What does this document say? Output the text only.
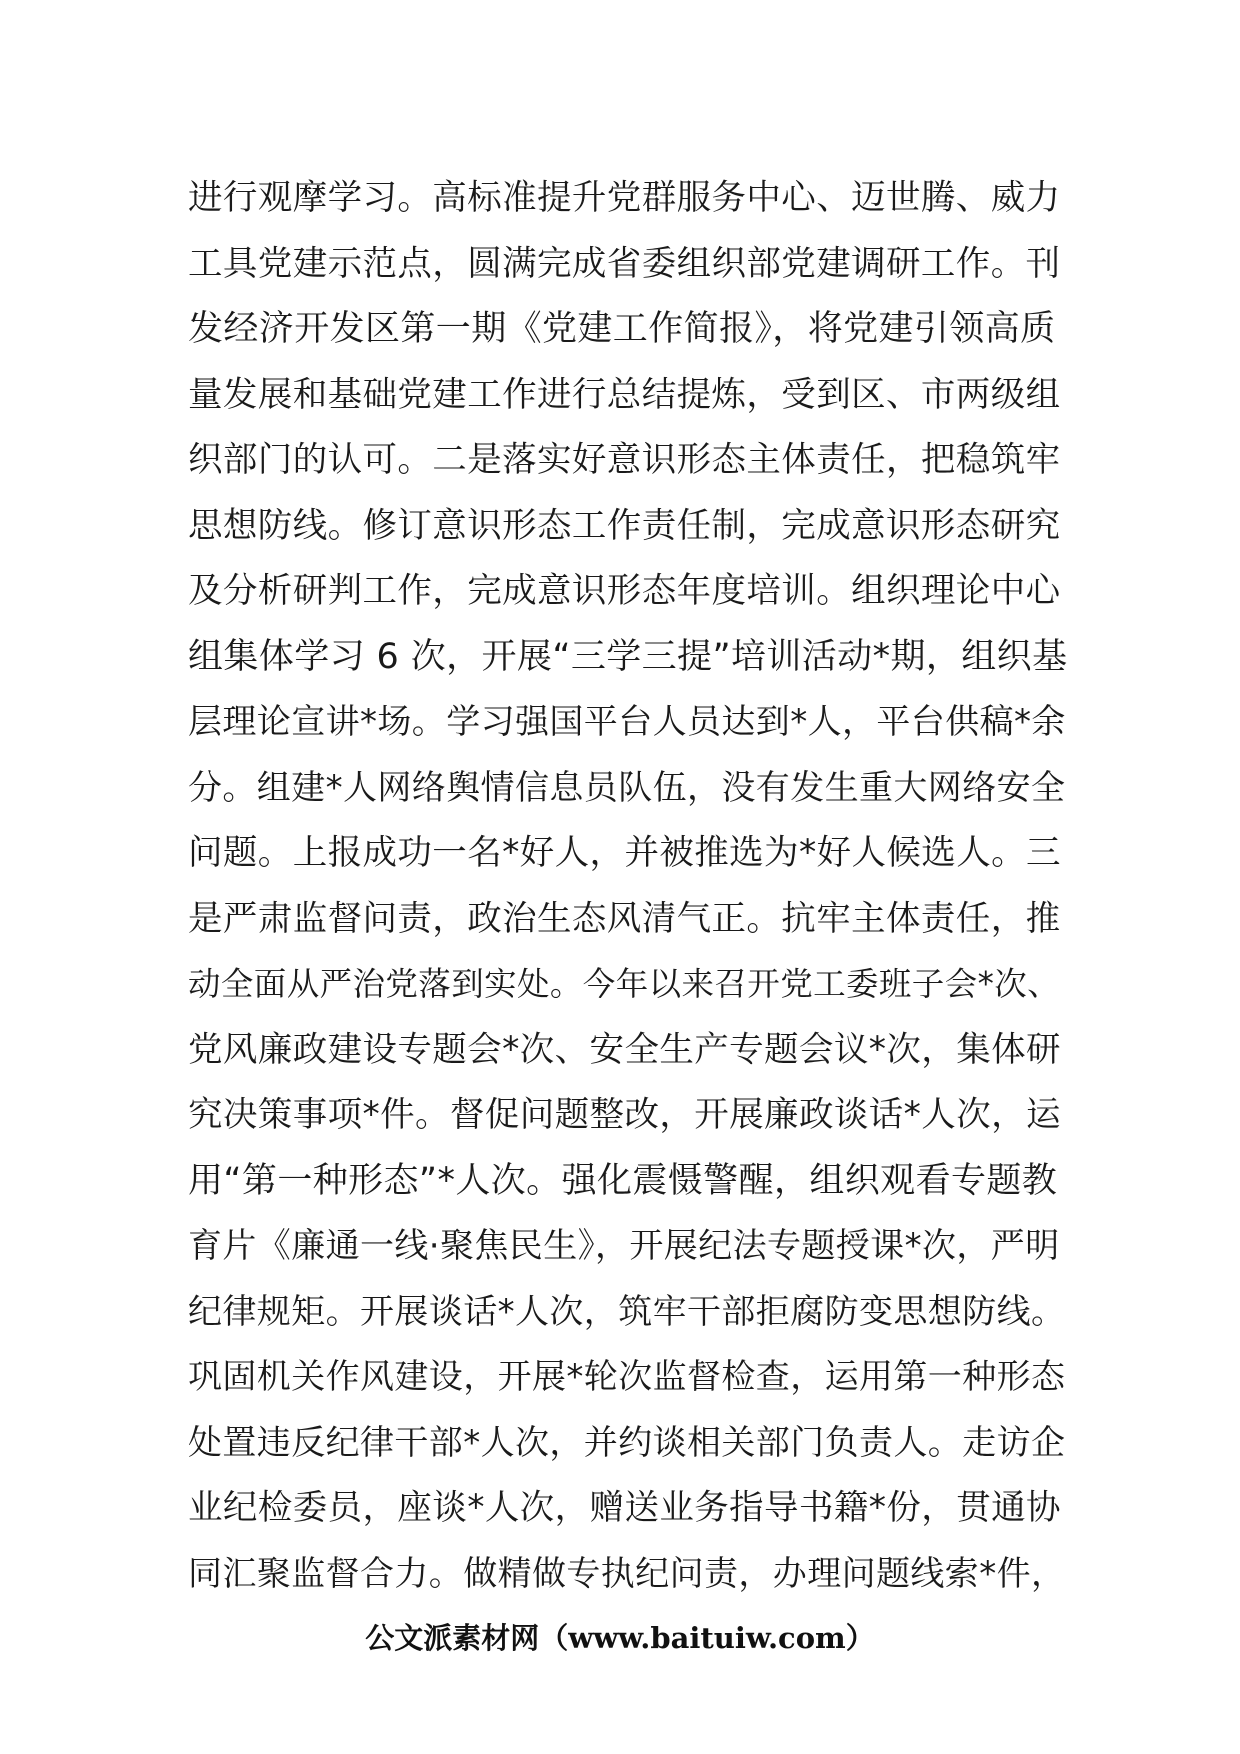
进行观摩学习。高标准提升党群服务中心、迈世腾、威力
工具党建示范点，圆满完成省委组织部党建调研工作。刊
发经济开发区第一期《党建工作简报》，将党建引领高质
量发展和基础党建工作进行总结提炼，受到区、市两级组
织部门的认可。二是落实好意识形态主体责任，把稳筑牢
思想防线。修订意识形态工作责任制，完成意识形态研究
及分析研判工作，完成意识形态年度培训。组织理论中心
组集体学习 6 次，开展“三学三提”培训活动*期，组织基
层理论宣讲*场。学习强国平台人员达到*人，平台供稿*余
分。组建*人网络舆情信息员队伍，没有发生重大网络安全
问题。上报成功一名*好人，并被推选为*好人候选人。三
是严肃监督问责，政治生态风清气正。抗牢主体责任，推
动全面从严治党落到实处。今年以来召开党工委班子会*次、
党风廉政建设专题会*次、安全生产专题会议*次，集体研
究决策事项*件。督促问题整改，开展廉政谈话*人次，运
用“第一种形态”*人次。强化震慑警醒，组织观看专题教
育片《廉通一线·聚焦民生》，开展纪法专题授课*次，严明
纪律规矩。开展谈话*人次，筑牢干部拒腐防变思想防线。
巩固机关作风建设，开展*轮次监督检查，运用第一种形态
处置违反纪律干部*人次，并约谈相关部门负责人。走访企
业纪检委员，座谈*人次，赠送业务指导书籍*份，贯通协
同汇聚监督合力。做精做专执纪问责，办理问题线索*件，
公文派素材网（www.baituiw.com）
